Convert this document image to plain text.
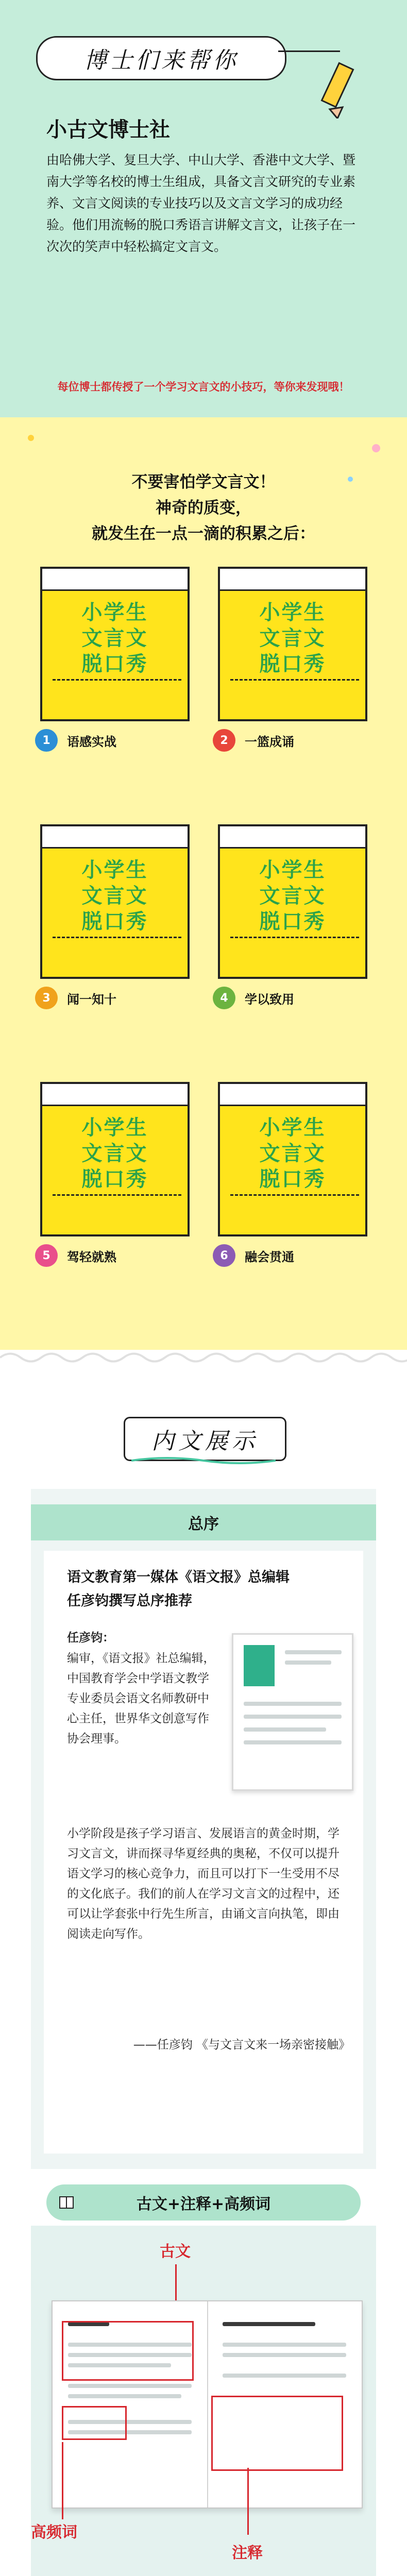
博士们来帮你
小古文博士社
由哈佛大学、复旦大学、中山大学、香港中文大学、暨南大学等名校的博士生组成，具备文言文研究的专业素养、文言文阅读的专业技巧以及文言文学习的成功经验。他们用流畅的脱口秀语言讲解文言文，让孩子在一次次的笑声中轻松搞定文言文。
每位博士都传授了一个学习文言文的小技巧，等你来发现哦！
不要害怕学文言文！
神奇的质变，
就发生在一点一滴的积累之后：
小学生
文言文
脱口秀
1	语感实战
小学生
文言文
脱口秀
2	一篮成诵
小学生
文言文
脱口秀
3	闻一知十
小学生
文言文
脱口秀
4	学以致用
小学生
文言文
脱口秀
5	驾轻就熟
小学生
文言文
脱口秀
6	融会贯通
内文展示
总序
语文教育第一媒体《语文报》总编辑
任彦钧撰写总序推荐
任彦钧：
编审，《语文报》社总编辑，中国教育学会中学语文教学专业委员会语文名师教研中心主任，世界华文创意写作协会理事。
小学阶段是孩子学习语言、发展语言的黄金时期，学习文言文，讲而探寻华夏经典的奥秘，不仅可以提升语文学习的核心竞争力，而且可以打下一生受用不尽的文化底子。我们的前人在学习文言文的过程中，还可以让学套张中行先生所言，由诵文言向执笔，即由阅读走向写作。
——任彦钧 《与文言文来一场亲密接触》
古文+注释+高频词
古文
高频词
注释
